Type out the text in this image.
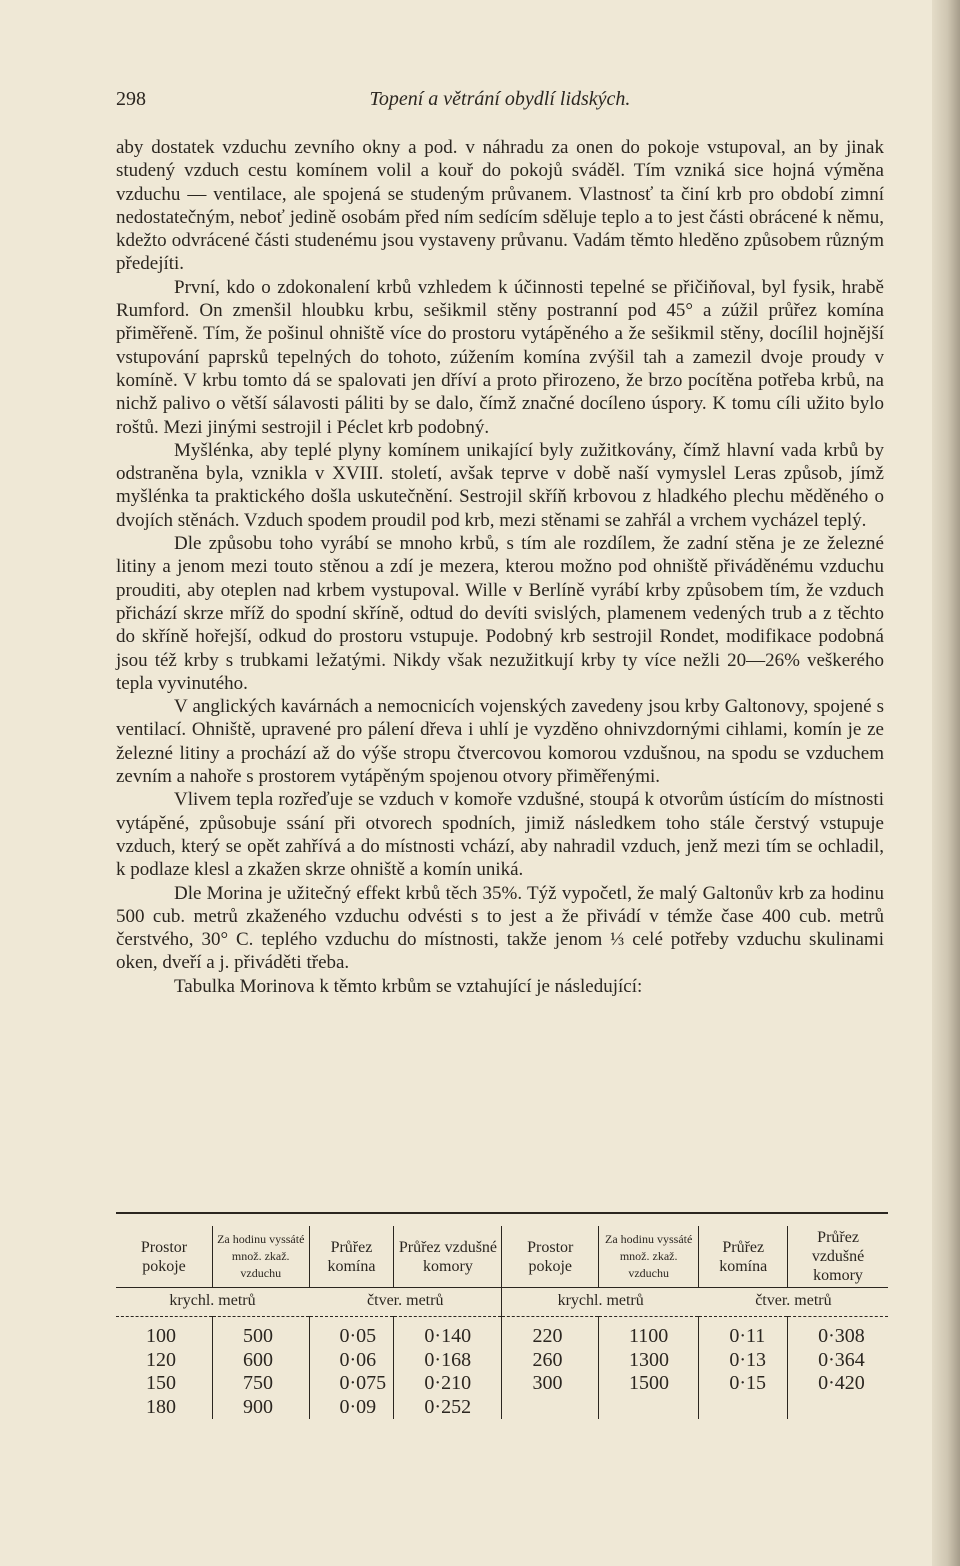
298	Topení a větrání obydlí lidských.

aby dostatek vzduchu zevního okny a pod. v náhradu za onen do pokoje vstupoval, an by jinak studený vzduch cestu komínem volil a kouř do pokojů sváděl. Tím vzniká sice hojná výměna vzduchu — ventilace, ale spojená se studeným průvanem. Vlastnosť ta činí krb pro období zimní nedostatečným, neboť jedině osobám před ním sedícím sděluje teplo a to jest části obrácené k němu, kdežto odvrácené části studenému jsou vystaveny průvanu. Vadám těmto hleděno způsobem různým předejíti.

První, kdo o zdokonalení krbů vzhledem k účinnosti tepelné se přičiňoval, byl fysik, hrabě Rumford. On zmenšil hloubku krbu, sešikmil stěny postranní pod 45° a zúžil průřez komína přiměřeně. Tím, že pošinul ohniště více do prostoru vytápěného a že sešikmil stěny, docílil hojnější vstupování paprsků tepelných do tohoto, zúžením komína zvýšil tah a zamezil dvoje proudy v komíně. V krbu tomto dá se spalovati jen dříví a proto přirozeno, že brzo pocítěna potřeba krbů, na nichž palivo o větší sálavosti páliti by se dalo, čímž značné docíleno úspory. K tomu cíli užito bylo roštů. Mezi jinými sestrojil i Péclet krb podobný.

Myšlénka, aby teplé plyny komínem unikající byly zužitkovány, čímž hlavní vada krbů by odstraněna byla, vznikla v XVIII. století, avšak teprve v době naší vymyslel Leras způsob, jímž myšlénka ta praktického došla uskutečnění. Sestrojil skříň krbovou z hladkého plechu měděného o dvojích stěnách. Vzduch spodem proudil pod krb, mezi stěnami se zahřál a vrchem vycházel teplý.

Dle způsobu toho vyrábí se mnoho krbů, s tím ale rozdílem, že zadní stěna je ze železné litiny a jenom mezi touto stěnou a zdí je mezera, kterou možno pod ohniště přiváděnému vzduchu prouditi, aby oteplen nad krbem vystupoval. Wille v Berlíně vyrábí krby způsobem tím, že vzduch přichází skrze mříž do spodní skříně, odtud do devíti svislých, plamenem vedených trub a z těchto do skříně hořejší, odkud do prostoru vstupuje. Podobný krb sestrojil Rondet, modifikace podobná jsou též krby s trubkami ležatými. Nikdy však nezužitkují krby ty více nežli 20—26% veškerého tepla vyvinutého.

V anglických kavárnách a nemocnicích vojenských zavedeny jsou krby Galtonovy, spojené s ventilací. Ohniště, upravené pro pálení dřeva i uhlí je vyzděno ohnivzdornými cihlami, komín je ze železné litiny a prochází až do výše stropu čtvercovou komorou vzdušnou, na spodu se vzduchem zevním a nahoře s prostorem vytápěným spojenou otvory přiměřenými.

Vlivem tepla rozřeďuje se vzduch v komoře vzdušné, stoupá k otvorům ústícím do místnosti vytápěné, způsobuje ssání při otvorech spodních, jimiž následkem toho stále čerstvý vstupuje vzduch, který se opět zahřívá a do místnosti vchází, aby nahradil vzduch, jenž mezi tím se ochladil, k podlaze klesl a zkažen skrze ohniště a komín uniká.

Dle Morina je užitečný effekt krbů těch 35%. Týž vypočetl, že malý Galtonův krb za hodinu 500 cub. metrů zkaženého vzduchu odvésti s to jest a že přivádí v témže čase 400 cub. metrů čerstvého, 30° C. teplého vzduchu do místnosti, takže jenom ⅓ celé potřeby vzduchu skulinami oken, dveří a j. přiváděti třeba.

Tabulka Morinova k těmto krbům se vztahující je následující:

Prostor pokoje	Za hodinu vyssáté množ. zkaž. vzduchu	Průřez komína	Průřez vzdušné komory	Prostor pokoje	Za hodinu vyssáté množ. zkaž. vzduchu	Průřez komína	Průřez vzdušné komory
krychl. metrů		čtver. metrů		krychl. metrů		čtver. metrů	
100	500	0·05	0·140	220	1100	0·11	0·308
120	600	0·06	0·168	260	1300	0·13	0·364
150	750	0·075	0·210	300	1500	0·15	0·420
180	900	0·09	0·252				
